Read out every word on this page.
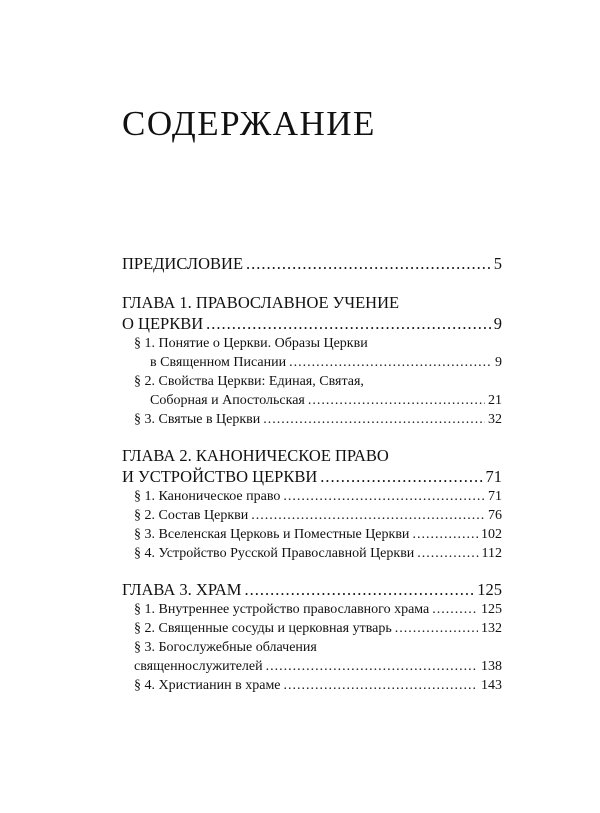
СОДЕРЖАНИЕ
ПРЕДИСЛОВИЕ .....	5
ГЛАВА 1. ПРАВОСЛАВНОЕ УЧЕНИЕ
О ЦЕРКВИ .....	9
§ 1. Понятие о Церкви. Образы Церкви
в Священном Писании .....	9
§ 2. Свойства Церкви: Единая, Святая,
Соборная и Апостольская .....	21
§ 3. Святые в Церкви .....	32
ГЛАВА 2. КАНОНИЧЕСКОЕ ПРАВО
И УСТРОЙСТВО ЦЕРКВИ .....	71
§ 1. Каноническое право .....	71
§ 2. Состав Церкви .....	76
§ 3. Вселенская Церковь и Поместные Церкви .....	102
§ 4. Устройство Русской Православной Церкви .....	112
ГЛАВА 3. ХРАМ .....	125
§ 1. Внутреннее устройство православного храма .....	125
§ 2. Священные сосуды и церковная утварь .....	132
§ 3. Богослужебные облачения
священнослужителей .....	138
§ 4. Христианин в храме .....	143
